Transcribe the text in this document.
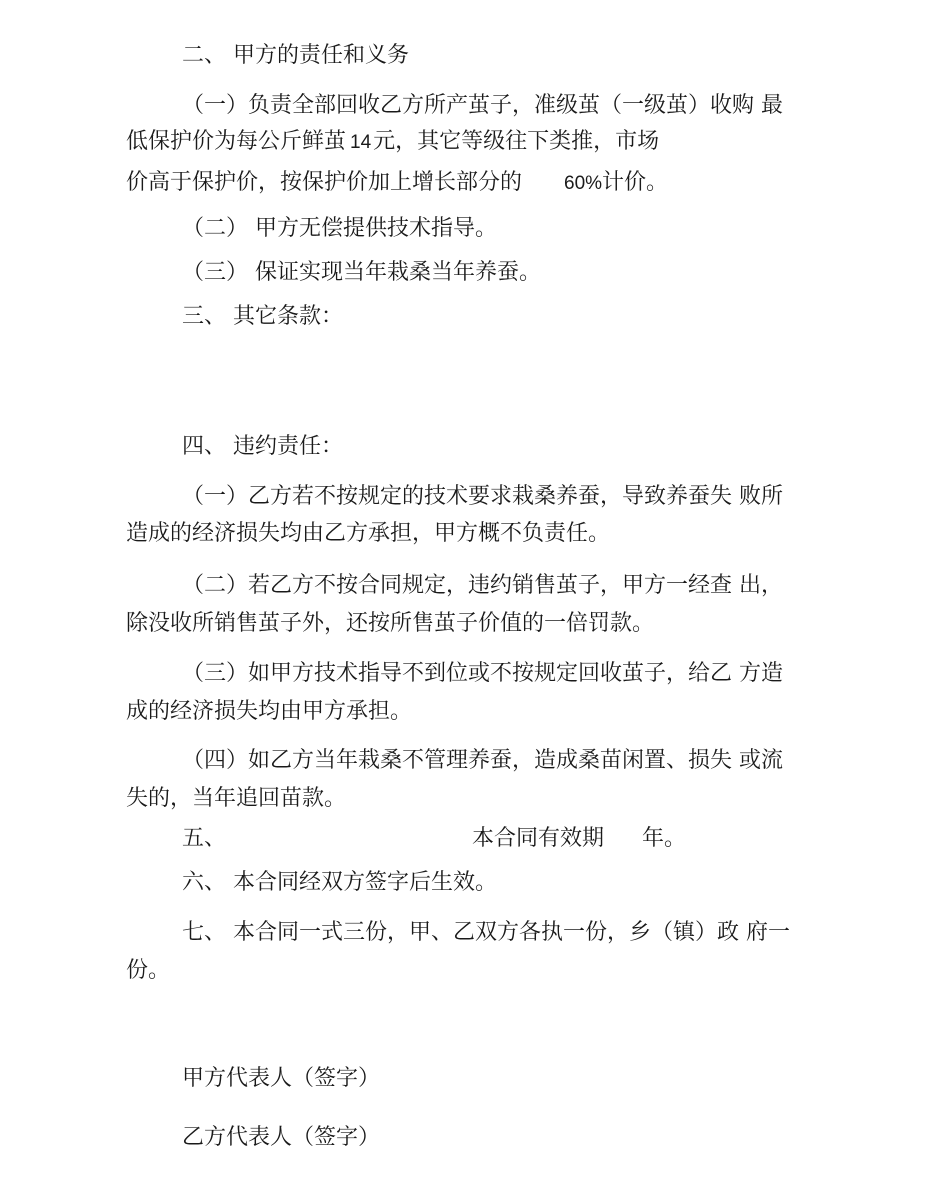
二、 甲方的责任和义务
（一）负责全部回收乙方所产茧子，准级茧（一级茧）收购 最
低保护价为每公斤鲜茧 14元，其它等级往下类推，市场
价高于保护价，按保护价加上增长部分的 60%计价。
（二） 甲方无偿提供技术指导。
（三） 保证实现当年栽桑当年养蚕。
三、 其它条款：
四、 违约责任：
（一）乙方若不按规定的技术要求栽桑养蚕，导致养蚕失 败所
造成的经济损失均由乙方承担，甲方概不负责任。
（二）若乙方不按合同规定，违约销售茧子，甲方一经查 出，
除没收所销售茧子外，还按所售茧子价值的一倍罚款。
（三）如甲方技术指导不到位或不按规定回收茧子，给乙 方造
成的经济损失均由甲方承担。
（四）如乙方当年栽桑不管理养蚕，造成桑苗闲置、损失 或流
失的，当年追回苗款。
五、	本合同有效期 年。
六、 本合同经双方签字后生效。
七、 本合同一式三份，甲、乙双方各执一份，乡（镇）政 府一
份。
甲方代表人（签字）
乙方代表人（签字）
